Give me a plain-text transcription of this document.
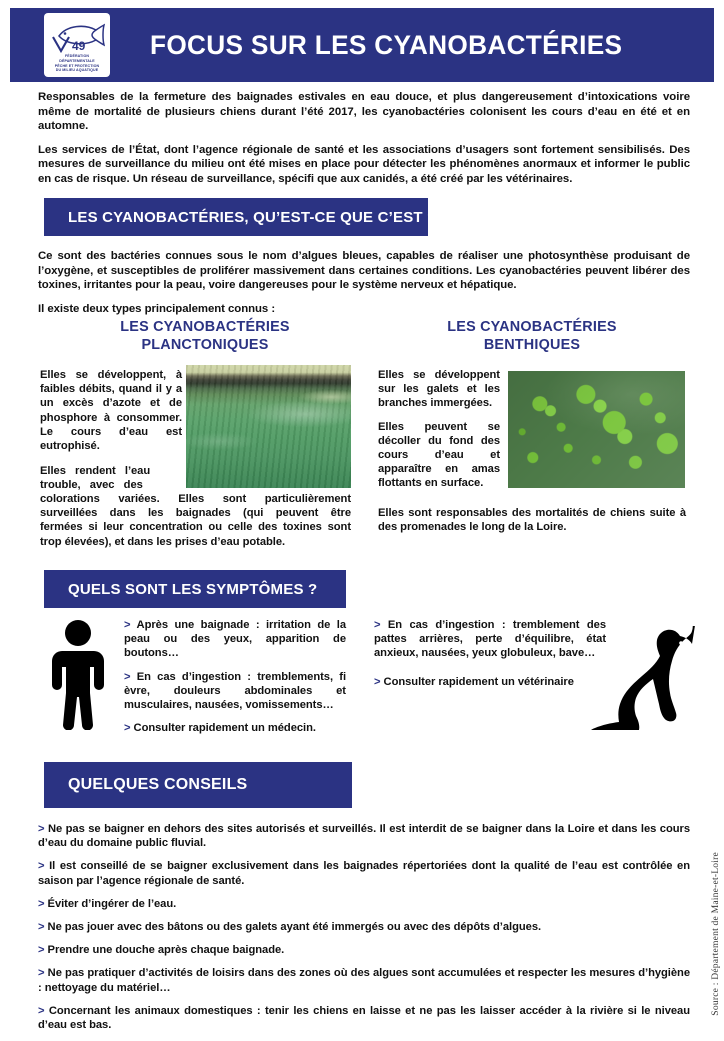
49
FÉDÉRATION DÉPARTEMENTALE
PÊCHE ET PROTECTION
DU MILIEU AQUATIQUE
FOCUS SUR LES CYANOBACTÉRIES

Responsables de la fermeture des baignades estivales en eau douce, et plus dangereusement d’intoxications voire même de mortalité de plusieurs chiens durant l’été 2017, les cyanobactéries colonisent les cours d’eau en été et en automne.

Les services de l’État, dont l’agence régionale de santé et les associations d’usagers sont fortement sensibilisés. Des mesures de surveillance du milieu ont été mises en place pour détecter les phénomènes anormaux et informer le public en cas de risque. Un réseau de surveillance, spécifi que aux canidés, a été créé par les vétérinaires.

LES CYANOBACTÉRIES, QU’EST-CE QUE C’EST ?

Ce sont des bactéries connues sous le nom d’algues bleues, capables de réaliser une photosynthèse produisant de l’oxygène, et susceptibles de proliférer massivement dans certaines conditions. Les cyanobactéries peuvent libérer des toxines, irritantes pour la peau, voire dangereuses pour le système nerveux et hépatique.

Il existe deux types principalement connus :

LES CYANOBACTÉRIES
PLANCTONIQUES
LES CYANOBACTÉRIES
BENTHIQUES

Elles se développent, à faibles débits, quand il y a un excès d’azote et de phosphore à consommer. Le cours d’eau est eutrophisé.

Elles   rendent   l’eau
trouble,   avec   des

colorations  variées.  Elles  sont  particulièrement surveillées  dans  les  baignades  (qui  peuvent  être fermées si leur concentration ou celle des toxines sont trop élevées), et dans les prises d’eau potable.

Elles se développent sur les galets et les branches immergées.

Elles peuvent se décoller du fond des cours d’eau et apparaître en amas flottants en surface.

Elles sont responsables des mortalités de chiens suite à des promenades le long de la Loire.

QUELS SONT LES SYMPTÔMES ?
> Après une baignade : irritation de la peau ou des yeux, apparition de boutons…
> En cas d’ingestion : tremblements, fi èvre, douleurs abdominales et musculaires, nausées, vomissements…
> Consulter rapidement un médecin.
> En cas d’ingestion : tremblement des pattes arrières, perte d’équilibre, état anxieux, nausées, yeux globuleux, bave…
> Consulter rapidement un vétérinaire
QUELQUES CONSEILS
> Ne pas se baigner en dehors des sites autorisés et surveillés. Il est interdit de se baigner dans la Loire et dans les cours d’eau du domaine public fluvial.
> Il est conseillé de se baigner exclusivement dans les baignades répertoriées dont la qualité de l’eau est contrôlée en saison par l’agence régionale de santé.
> Éviter d’ingérer de l’eau.
> Ne pas jouer avec des bâtons ou des galets ayant été immergés ou avec des dépôts d’algues.
> Prendre une douche après chaque baignade.
> Ne pas pratiquer d’activités de loisirs dans des zones où des algues sont accumulées et respecter les mesures d’hygiène : nettoyage du matériel…
> Concernant les animaux domestiques : tenir les chiens en laisse et ne pas les laisser accéder à la rivière si le niveau d’eau est bas.
Source : Département de Maine-et-Loire
